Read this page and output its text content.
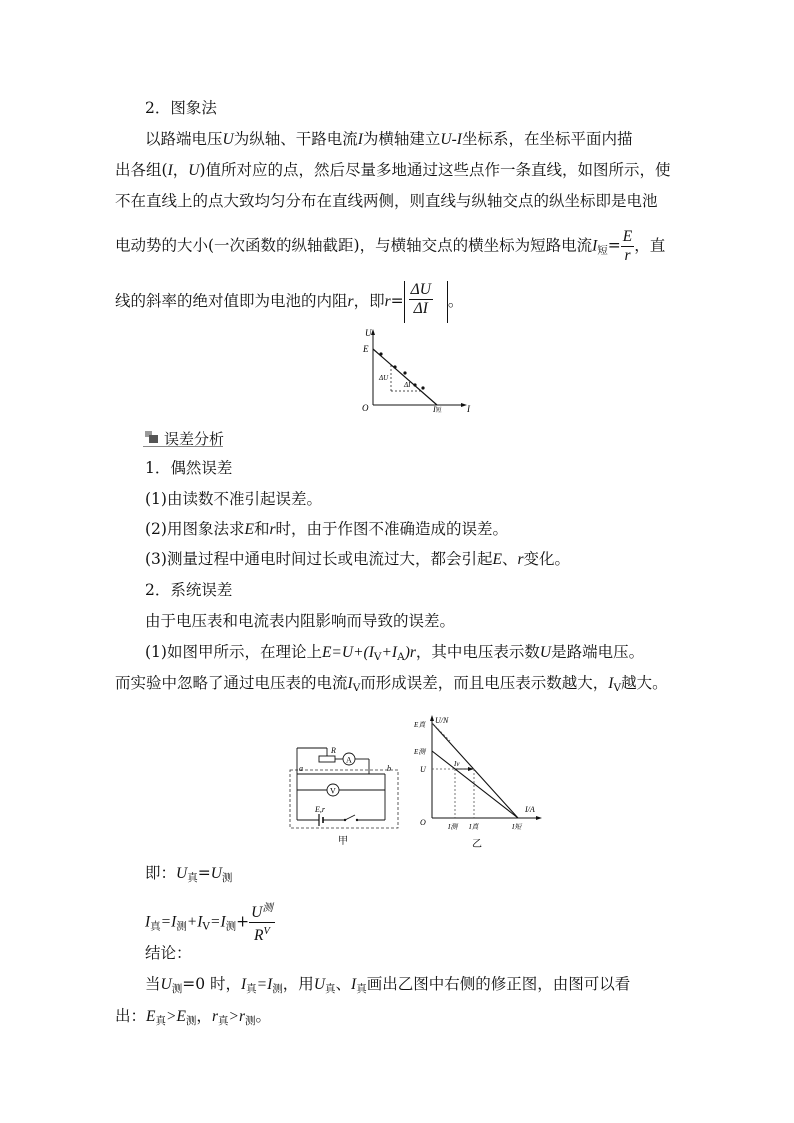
2．图象法
以路端电压U为纵轴、干路电流I为横轴建立U-I坐标系，在坐标平面内描
出各组(I，U)值所对应的点，然后尽量多地通过这些点作一条直线，如图所示，使
不在直线上的点大致均匀分布在直线两侧，则直线与纵轴交点的纵坐标即是电池
电动势的大小(一次函数的纵轴截距)，与横轴交点的横坐标为短路电流$I_短= \frac{E}{r}$ ，直
线的斜率的绝对值即为电池的内阻r，即$r= \frac{\Delta U}{\Delta I}$ 。
U
I
O
E
ΔU
ΔI
I短
误差分析
1．偶然误差
(1)由读数不准引起误差。
(2)用图象法求E和r时，由于作图不准确造成的误差。
(3)测量过程中通电时间过长或电流过大，都会引起E、r变化。
2．系统误差
由于电压表和电流表内阻影响而导致的误差。
(1)如图甲所示，在理论上$E=U+(I_V+I_A)r$，其中电压表示数U是路端电压。
而实验中忽略了通过电压表的电流$I_V$而形成误差，而且电压表示数越大，$I_V$越大。
A
R
V
a	b
E,r
甲
U/N
I/A
O
E真
E测
U
Iv
I测 I真	I短
乙
即：$U_真=U_测$
$I_真=I_测+I_V=I_测+ \frac{U^测}{R^V}$
结论：
当$U_测=0$ 时，$I_真=I_测$，用$U_真$、$I_真$画出乙图中右侧的修正图，由图可以看
出：$E_真>E_测$，$r_真>r_测$。
